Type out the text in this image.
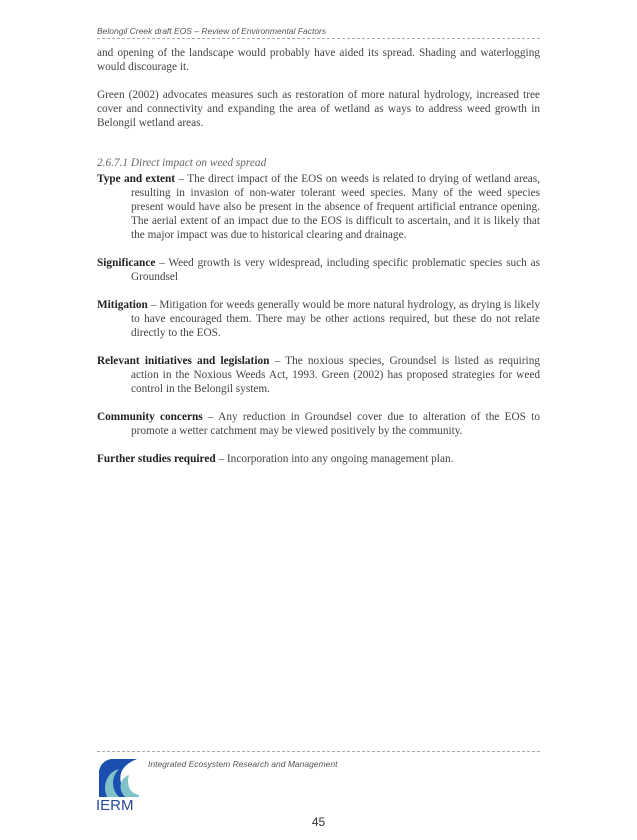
Belongil Creek draft EOS – Review of Environmental Factors

and opening of the landscape would probably have aided its spread. Shading and waterlogging would discourage it.

Green (2002) advocates measures such as restoration of more natural hydrology, increased tree cover and connectivity and expanding the area of wetland as ways to address weed growth in Belongil wetland areas.

2.6.7.1 Direct impact on weed spread

Type and extent – The direct impact of the EOS on weeds is related to drying of wetland areas, resulting in invasion of non-water tolerant weed species. Many of the weed species present would have also be present in the absence of frequent artificial entrance opening. The aerial extent of an impact due to the EOS is difficult to ascertain, and it is likely that the major impact was due to historical clearing and drainage.

Significance – Weed growth is very widespread, including specific problematic species such as Groundsel

Mitigation – Mitigation for weeds generally would be more natural hydrology, as drying is likely to have encouraged them. There may be other actions required, but these do not relate directly to the EOS.

Relevant initiatives and legislation – The noxious species, Groundsel is listed as requiring action in the Noxious Weeds Act, 1993. Green (2002) has proposed strategies for weed control in the Belongil system.

Community concerns – Any reduction in Groundsel cover due to alteration of the EOS to promote a wetter catchment may be viewed positively by the community.

Further studies required – Incorporation into any ongoing management plan.

IERM
Integrated Ecosystem Research and Management
45
